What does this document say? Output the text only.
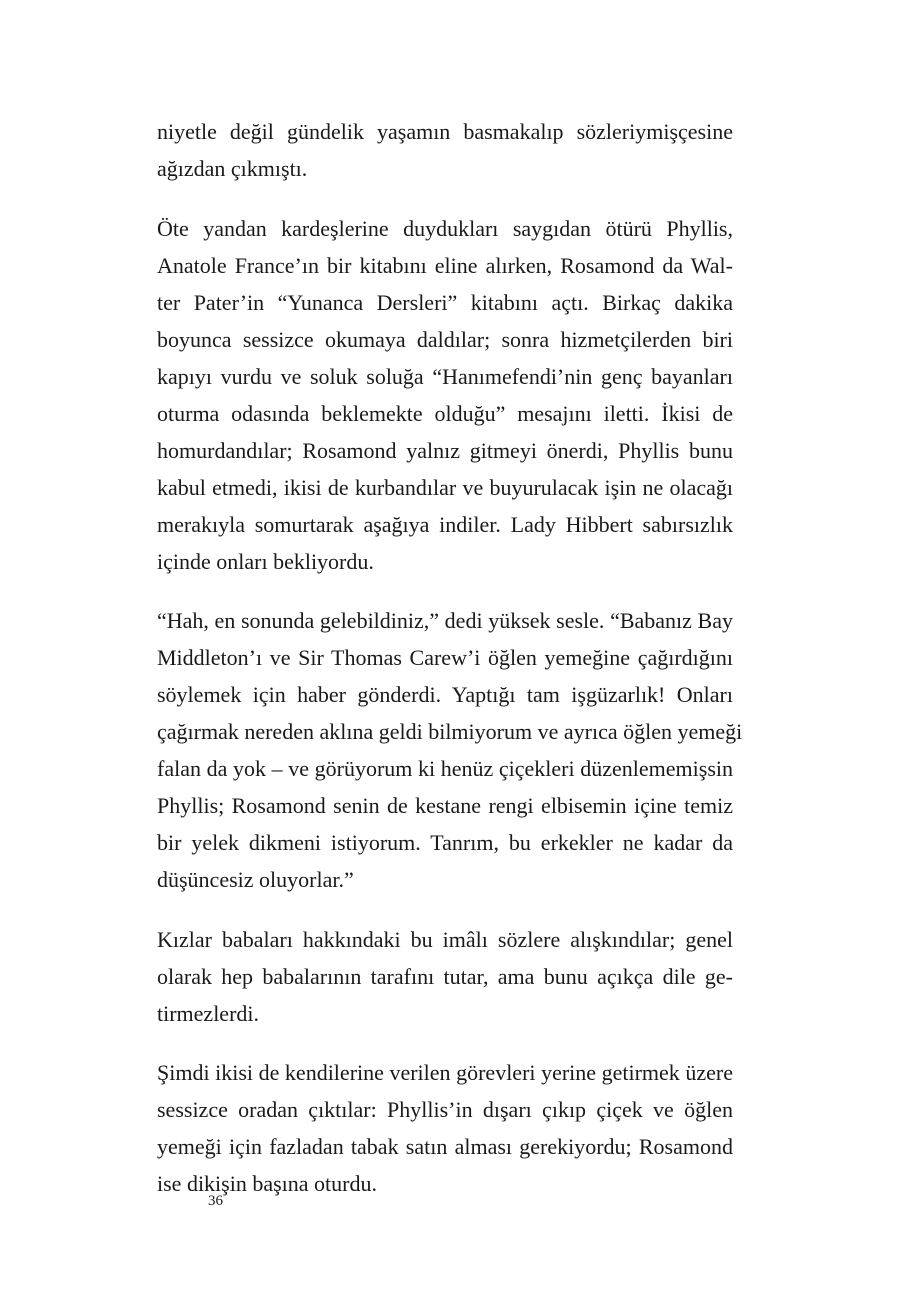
niyetle değil gündelik yaşamın basmakalıp sözleriymişçesine
ağızdan çıkmıştı.

Öte yandan kardeşlerine duydukları saygıdan ötürü Phyllis,
Anatole France’ın bir kitabını eline alırken, Rosamond da Wal-
ter Pater’in “Yunanca Dersleri” kitabını açtı. Birkaç dakika
boyunca sessizce okumaya daldılar; sonra hizmetçilerden biri
kapıyı vurdu ve soluk soluğa “Hanımefendi’nin genç bayanları
oturma odasında beklemekte olduğu” mesajını iletti. İkisi de
homurdandılar; Rosamond yalnız gitmeyi önerdi, Phyllis bunu
kabul etmedi, ikisi de kurbandılar ve buyurulacak işin ne olacağı
merakıyla somurtarak aşağıya indiler. Lady Hibbert sabırsızlık
içinde onları bekliyordu.

“Hah, en sonunda gelebildiniz,” dedi yüksek sesle. “Babanız Bay
Middleton’ı ve Sir Thomas Carew’i öğlen yemeğine çağırdığını
söylemek için haber gönderdi. Yaptığı tam işgüzarlık! Onları
çağırmak nereden aklına geldi bilmiyorum ve ayrıca öğlen yemeği
falan da yok – ve görüyorum ki henüz çiçekleri düzenlememişsin
Phyllis; Rosamond senin de kestane rengi elbisemin içine temiz
bir yelek dikmeni istiyorum. Tanrım, bu erkekler ne kadar da
düşüncesiz oluyorlar.”

Kızlar babaları hakkındaki bu imâlı sözlere alışkındılar; genel
olarak hep babalarının tarafını tutar, ama bunu açıkça dile ge-
tirmezlerdi.

Şimdi ikisi de kendilerine verilen görevleri yerine getirmek üzere
sessizce oradan çıktılar: Phyllis’in dışarı çıkıp çiçek ve öğlen
yemeği için fazladan tabak satın alması gerekiyordu; Rosamond
ise dikişin başına oturdu.

36
